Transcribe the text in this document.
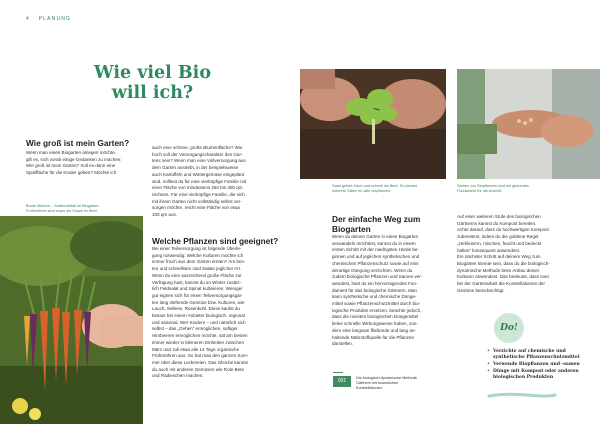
4 PLANUNG
Wie viel Bio
will ich?
Wie groß ist mein Garten?
Wenn man einen Biogarten anlegen möchte,
gilt es, sich vorab einige Gedanken zu machen:
Wie groß ist mein Garten? Soll es darin eine
Spielfläche für die Kinder geben? Möchte ich
Bunte Möhren – Sortenvielfalt im Biogarten:
Frühmöhren sind super als Snack im Beet.
auch eine schöne, große Blumenfläche? Wie
hoch soll der Versorgungscharakter des Gar-
tens sein? Wenn man eine Vollversorgung aus
dem Garten anstrebt, in der beispielsweise
auch Kartoffeln und Wintergemüse eingeplant
sind, solltest du für eine vierköpfige Familie mit
einer Fläche von mindestens 250 bis 300 qm
rechnen. Für eine vierköpfige Familie, die sich
mit ihrem Garten nicht vollständig selbst ver-
sorgen möchte, reicht eine Fläche von etwa
100 qm aus.
Welche Pflanzen sind geeignet?
Bei einer Teilversorgung ist folgende Überle-
gung notwendig: Welche Kulturen möchte ich
immer frisch aus dem Garten ernten? Am bes-
ten und schnellsten sind Salate jeglicher Art.
Wenn du eine ausreichend große Fläche zur
Verfügung hast, kannst du im Winter zusätz-
lich Feldsalat und Spinat kultivieren. Weniger
gut eignen sich für einen Teilversorgungsgar-
ten lang stehende Gemüse bzw. Kulturen, wie
Lauch, Sellerie, Rosenkohl. Diese kaufst du
besser bei einem Anbieter biologisch, regional
und saisonal. Wer Kindern – und natürlich sich
selbst – das „Gehen“ ermöglichen, saftiger
Himbeeren ermöglichen möchte, sät am besten
immer wieder in kleineren Einheiten zwischen
März und Juli etwa alle 14 Tage organische
Frühmöhren aus. So hat man den ganzen Som-
mer über diese Leckereien. Das Gleiche kannst
du auch mit anderen Gemüsen wie Rote Bete
und Radieschen machen.
Salat gehört frisch und schnell ins Beet. Du kannst
mehrere Sätze im Jahr anpflanzen.
Samen von Biopflanzen sind ein gesundes
Fundament für die Ansicht.
Der einfache Weg zum
Biogarten
Wenn du deinen Garten in einen Biogarten
verwandeln möchtest, kannst du in einem
ersten Schritt mit der niedrigsten Hürde be-
ginnen und auf jeglichen synthetischen und
chemischen Pflanzenschutz sowie auf eine
derartige Düngung verzichten. Wenn du
zudem biologische Pflanzen und Samen ver-
wendest, hast du ein hervorragendes Fun-
dament für das biologische Gärtnern. Man
kann synthetische und chemische Dünge-
mittel sowie Pflanzenschutzmittel durch bio-
logische Produkte ersetzen, beachte jedoch,
dass die meisten biologischen Düngemittel
keine schnelle Wirkungsweise haben, son-
dern eine langsam fließende und lang an-
haltende Nährstoffquelle für die Pflanzen
darstellen.
001	Die biologisch-dynamische Methode
Gärtnern mit kosmischen
Konstellationen.
Auf einer weiteren Stufe des biologischen
Gärtnerns kannst du Kompost bereiten.
Achte darauf, dass du hochwertigen Kompost
zubereitest, indem du die goldene Regel
„zerkleinern, mischen, feucht und bedeckt
halten“ konsequent anwendest.
Ein nächster Schritt auf deinem Weg zum
Biogarten könnte sein, dass du die biologisch-
dynamische Methode beim Anbau deiner
Kulturen anwendest. Das bedeutet, dass man
bei der Gartenarbeit die Konstellationen der
Gestirne berücksichtigt.
Do!
• Verzichte auf chemische und synthetische Pflanzenschutzmittel
• Verwende Biopflanzen und -samen
• Dünge mit Kompost oder anderen biologischen Produkten
